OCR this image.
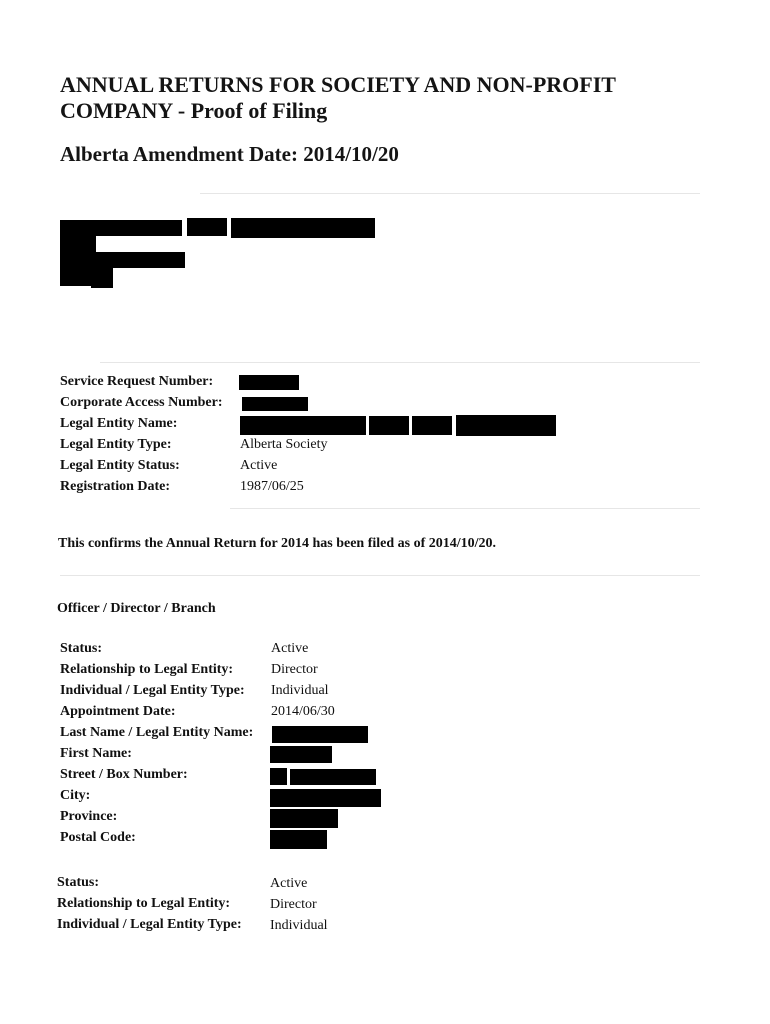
ANNUAL RETURNS FOR SOCIETY AND NON-PROFIT COMPANY - Proof of Filing
Alberta Amendment Date: 2014/10/20
Service Request Number:
Corporate Access Number:
Legal Entity Name:
Legal Entity Type:	Alberta Society
Legal Entity Status:	Active
Registration Date:	1987/06/25
This confirms the Annual Return for 2014 has been filed as of 2014/10/20.
Officer / Director / Branch
Status:	Active
Relationship to Legal Entity:	Director
Individual / Legal Entity Type: Individual
Appointment Date:	2014/06/30
Last Name / Legal Entity Name:
First Name:
Street / Box Number:
City:
Province:
Postal Code:
Status:	Active
Relationship to Legal Entity:	Director
Individual / Legal Entity Type: Individual
